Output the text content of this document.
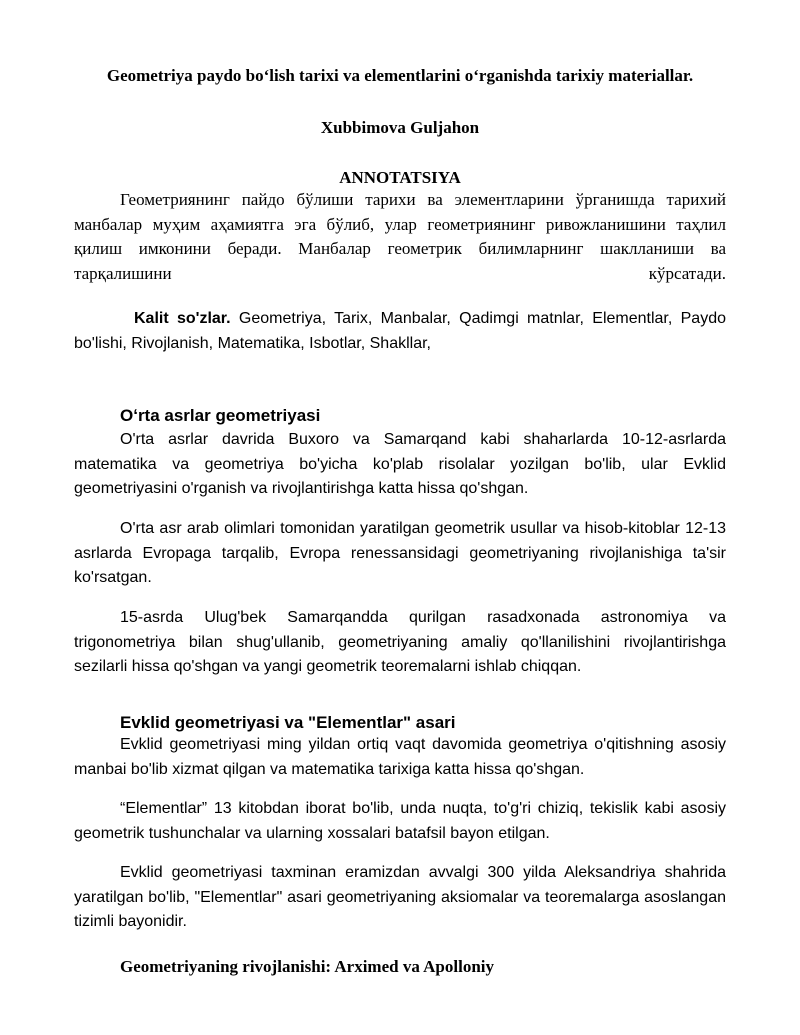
Geometriya paydo boʻlish tarixi va elementlarini oʻrganishda tarixiy materiallar.
Xubbimova Guljahon
ANNOTATSIYA

Геометриянинг пайдо бўлиши тарихи ва элементларини ўрганишда тарихий манбалар муҳим аҳамиятга эга бўлиб, улар геометриянинг ривожланишини таҳлил қилиш имконини беради. Манбалар геометрик билимларнинг шаклланиши ва тарқалишини кўрсатади.

Kalit so'zlar. Geometriya, Tarix, Manbalar, Qadimgi matnlar, Elementlar, Paydo bo'lishi, Rivojlanish, Matematika, Isbotlar, Shakllar,

Oʻrta asrlar geometriyasi

O'rta asrlar davrida Buxoro va Samarqand kabi shaharlarda 10-12-asrlarda matematika va geometriya bo'yicha ko'plab risolalar yozilgan bo'lib, ular Evklid geometriyasini o'rganish va rivojlantirishga katta hissa qo'shgan.

O'rta asr arab olimlari tomonidan yaratilgan geometrik usullar va hisob-kitoblar 12-13 asrlarda Evropaga tarqalib, Evropa renessansidagi geometriyaning rivojlanishiga ta'sir ko'rsatgan.

15-asrda Ulug'bek Samarqandda qurilgan rasadxonada astronomiya va trigonometriya bilan shug'ullanib, geometriyaning amaliy qo'llanilishini rivojlantirishga sezilarli hissa qo'shgan va yangi geometrik teoremalarni ishlab chiqqan.

Evklid geometriyasi va "Elementlar" asari

Evklid geometriyasi ming yildan ortiq vaqt davomida geometriya o'qitishning asosiy manbai bo'lib xizmat qilgan va matematika tarixiga katta hissa qo'shgan.

“Elementlar” 13 kitobdan iborat bo'lib, unda nuqta, to'g'ri chiziq, tekislik kabi asosiy geometrik tushunchalar va ularning xossalari batafsil bayon etilgan.

Evklid geometriyasi taxminan eramizdan avvalgi 300 yilda Aleksandriya shahrida yaratilgan bo'lib, "Elementlar" asari geometriyaning aksiomalar va teoremalarga asoslangan tizimli bayonidir.

Geometriyaning rivojlanishi: Arximed va Apolloniy
